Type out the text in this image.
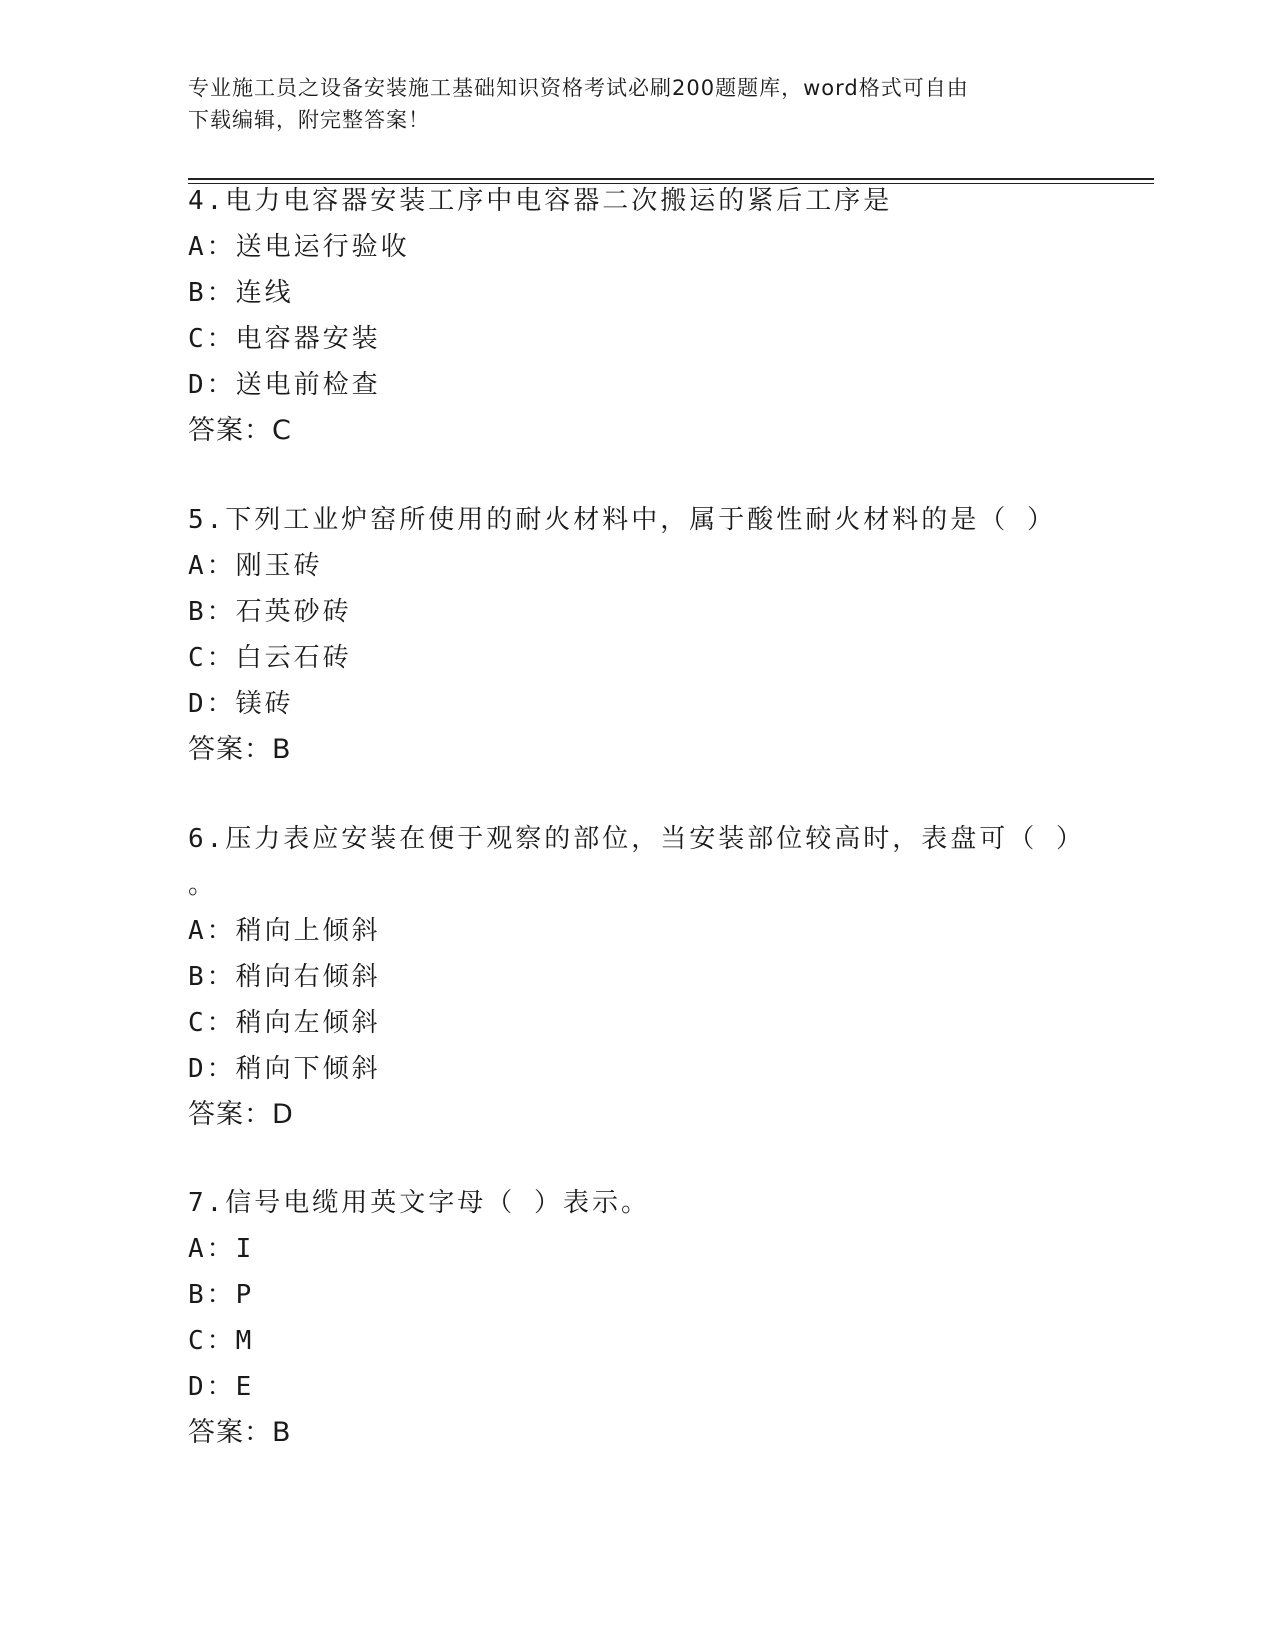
专业施工员之设备安装施工基础知识资格考试必刷200题题库，word格式可自由
下载编辑，附完整答案！
4.电力电容器安装工序中电容器二次搬运的紧后工序是
A：送电运行验收
B：连线
C：电容器安装
D：送电前检查
答案：C
5.下列工业炉窑所使用的耐火材料中，属于酸性耐火材料的是（ ）
A：刚玉砖
B：石英砂砖
C：白云石砖
D：镁砖
答案：B
6.压力表应安装在便于观察的部位，当安装部位较高时，表盘可（ ）
。
A：稍向上倾斜
B：稍向右倾斜
C：稍向左倾斜
D：稍向下倾斜
答案：D
7.信号电缆用英文字母（ ）表示。
A：I
B：P
C：M
D：E
答案：B
